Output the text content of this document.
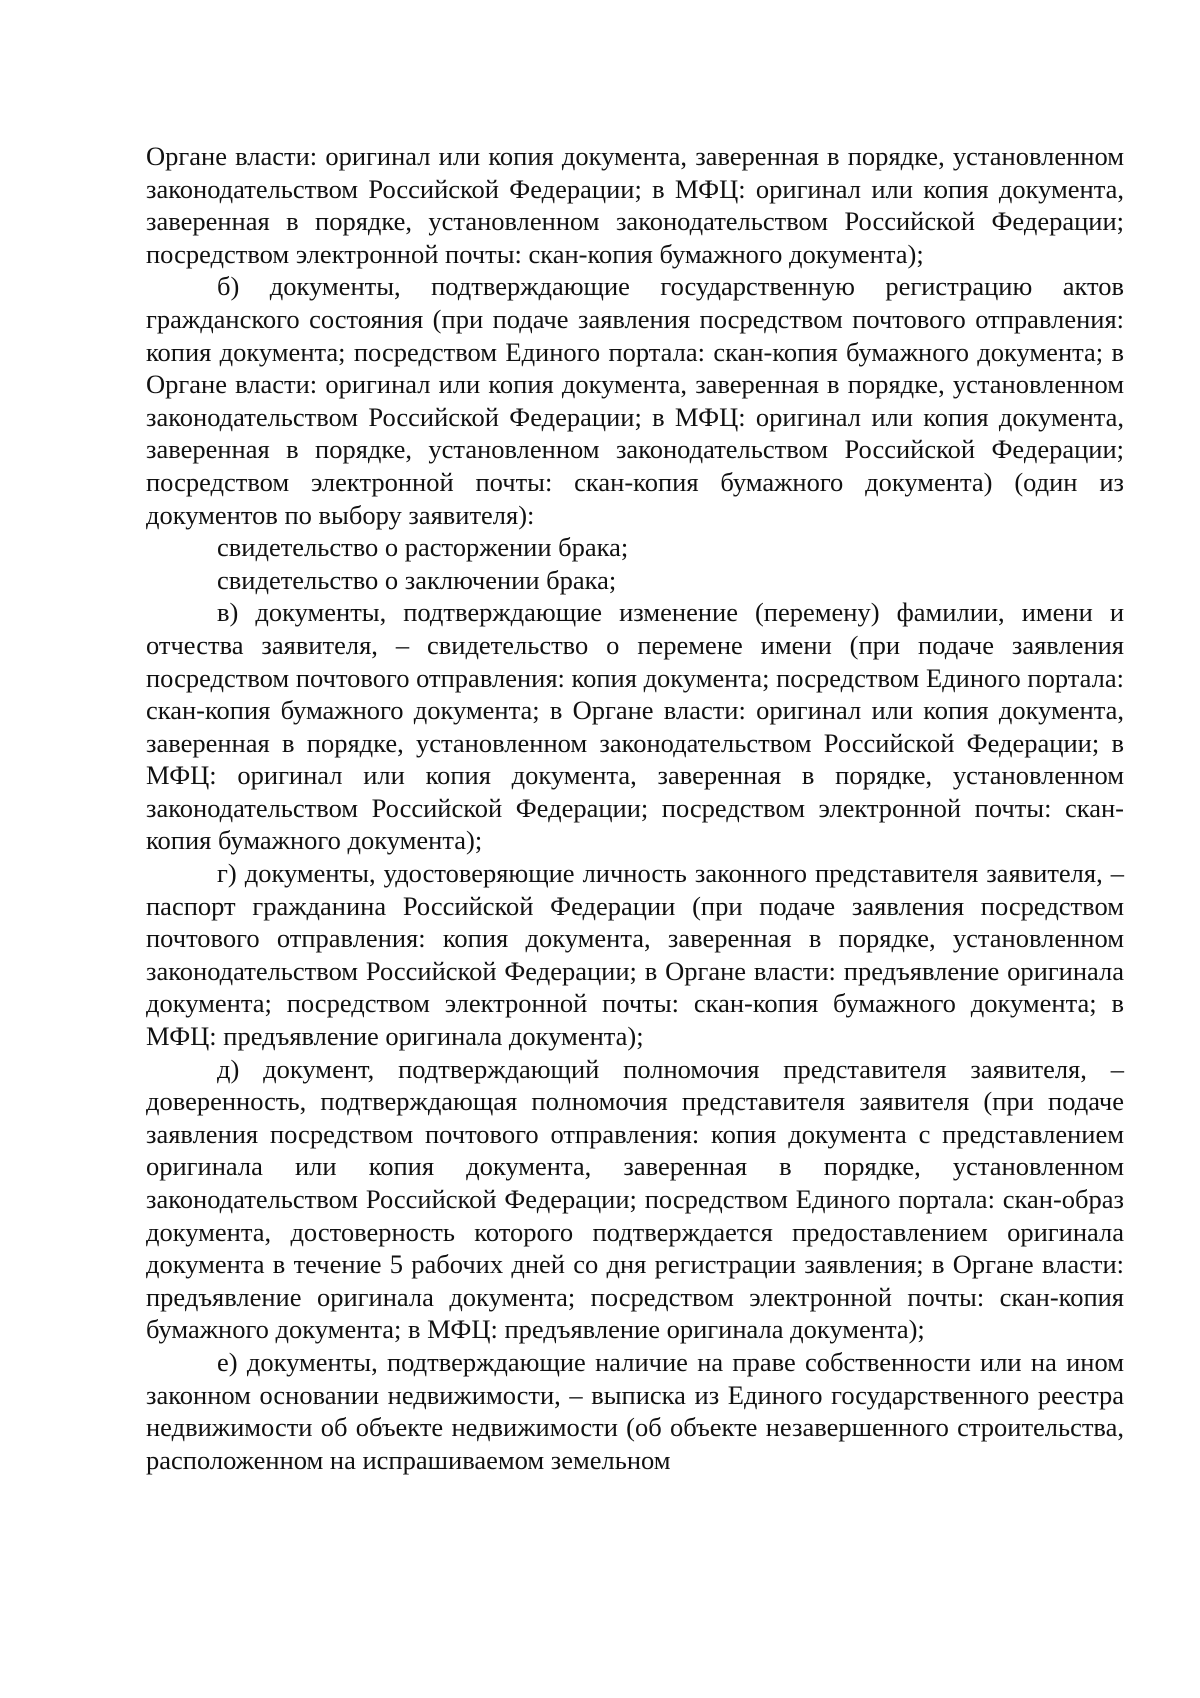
Органе власти: оригинал или копия документа, заверенная в порядке, установленном законодательством Российской Федерации; в МФЦ: оригинал или копия документа, заверенная в порядке, установленном законодательством Российской Федерации; посредством электронной почты: скан-копия бумажного документа);

б) документы, подтверждающие государственную регистрацию актов гражданского состояния (при подаче заявления посредством почтового отправления: копия документа; посредством Единого портала: скан-копия бумажного документа; в Органе власти: оригинал или копия документа, заверенная в порядке, установленном законодательством Российской Федерации; в МФЦ: оригинал или копия документа, заверенная в порядке, установленном законодательством Российской Федерации; посредством электронной почты: скан-копия бумажного документа) (один из документов по выбору заявителя):

свидетельство о расторжении брака;

свидетельство о заключении брака;

в) документы, подтверждающие изменение (перемену) фамилии, имени и отчества заявителя, – свидетельство о перемене имени (при подаче заявления посредством почтового отправления: копия документа; посредством Единого портала: скан-копия бумажного документа; в Органе власти: оригинал или копия документа, заверенная в порядке, установленном законодательством Российской Федерации; в МФЦ: оригинал или копия документа, заверенная в порядке, установленном законодательством Российской Федерации; посредством электронной почты: скан-копия бумажного документа);

г) документы, удостоверяющие личность законного представителя заявителя, – паспорт гражданина Российской Федерации (при подаче заявления посредством почтового отправления: копия документа, заверенная в порядке, установленном законодательством Российской Федерации; в Органе власти: предъявление оригинала документа; посредством электронной почты: скан-копия бумажного документа; в МФЦ: предъявление оригинала документа);

д) документ, подтверждающий полномочия представителя заявителя, – доверенность, подтверждающая полномочия представителя заявителя (при подаче заявления посредством почтового отправления: копия документа с представлением оригинала или копия документа, заверенная в порядке, установленном законодательством Российской Федерации; посредством Единого портала: скан-образ документа, достоверность которого подтверждается предоставлением оригинала документа в течение 5 рабочих дней со дня регистрации заявления; в Органе власти: предъявление оригинала документа; посредством электронной почты: скан-копия бумажного документа; в МФЦ: предъявление оригинала документа);

е) документы, подтверждающие наличие на праве собственности или на ином законном основании недвижимости, – выписка из Единого государственного реестра недвижимости об объекте недвижимости (об объекте незавершенного строительства, расположенном на испрашиваемом земельном
